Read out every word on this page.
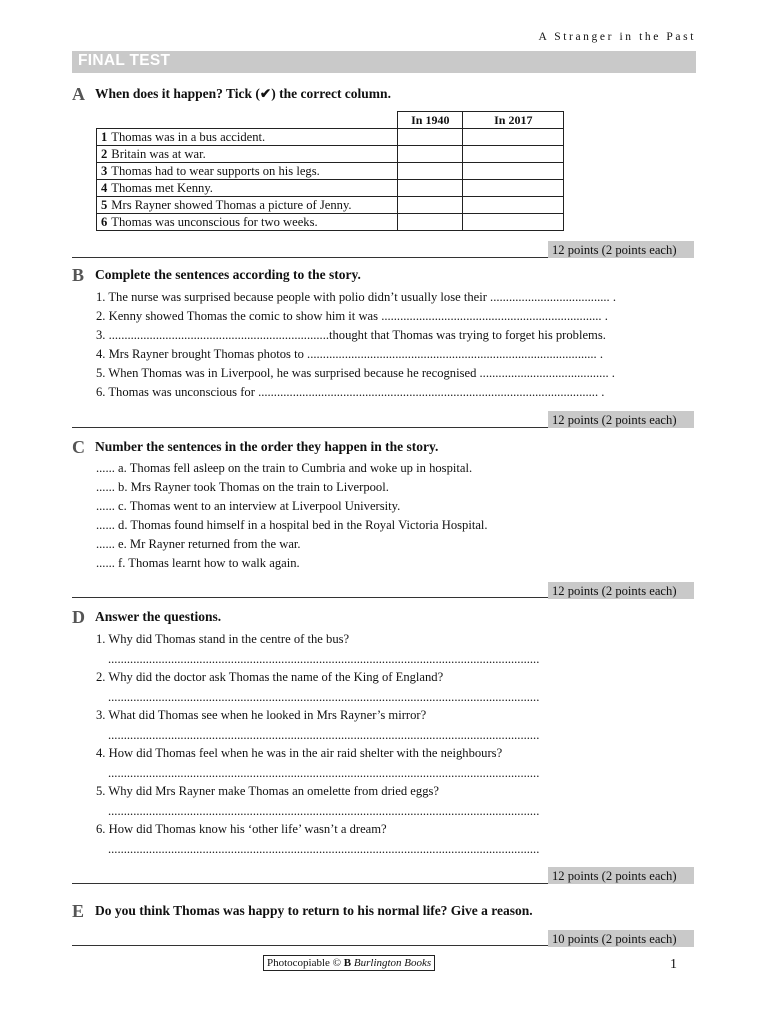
A Stranger in the Past
FINAL TEST
A When does it happen? Tick (✔) the correct column.
		In 1940	In 2017
1	Thomas was in a bus accident.		
2	Britain was at war.		
3	Thomas had to wear supports on his legs.		
4	Thomas met Kenny.		
5	Mrs Rayner showed Thomas a picture of Jenny.		
6	Thomas was unconscious for two weeks.		
12 points (2 points each)
B Complete the sentences according to the story.
1. The nurse was surprised because people with polio didn’t usually lose their ...................................... .
2. Kenny showed Thomas the comic to show him it was ...................................................................... .
3. ......................................................................thought that Thomas was trying to forget his problems.
4. Mrs Rayner brought Thomas photos to ............................................................................................ .
5. When Thomas was in Liverpool, he was surprised because he recognised ......................................... .
6. Thomas was unconscious for ............................................................................................................ .
12 points (2 points each)
C Number the sentences in the order they happen in the story.
...... a. Thomas fell asleep on the train to Cumbria and woke up in hospital.
...... b. Mrs Rayner took Thomas on the train to Liverpool.
...... c. Thomas went to an interview at Liverpool University.
...... d. Thomas found himself in a hospital bed in the Royal Victoria Hospital.
...... e. Mr Rayner returned from the war.
...... f. Thomas learnt how to walk again.
12 points (2 points each)
D Answer the questions.
1. Why did Thomas stand in the centre of the bus?
.........................................................................................................................................
2. Why did the doctor ask Thomas the name of the King of England?
.........................................................................................................................................
3. What did Thomas see when he looked in Mrs Rayner’s mirror?
.........................................................................................................................................
4. How did Thomas feel when he was in the air raid shelter with the neighbours?
.........................................................................................................................................
5. Why did Mrs Rayner make Thomas an omelette from dried eggs?
.........................................................................................................................................
6. How did Thomas know his ‘other life’ wasn’t a dream?
.........................................................................................................................................
12 points (2 points each)
E Do you think Thomas was happy to return to his normal life? Give a reason.
10 points (2 points each)
Photocopiable © B Burlington Books	1
